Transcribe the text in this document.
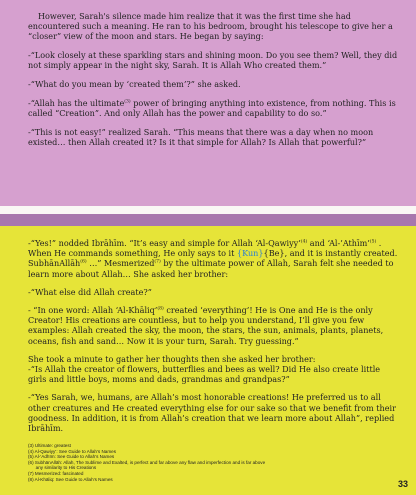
However, Sarah's silence made him realize that it was the first time she had encountered such a meaning. He ran to his bedroom, brought his telescope to give her a “closer” view of the moon and stars. He began by saying:

-“Look closely at these sparkling stars and shining moon. Do you see them? Well, they did not simply appear in the night sky, Sarah. It is Allah Who created them.”

-“What do you mean by ‘created them’?” she asked.

-“Allah has the ultimate$^{(3)}$ power of bringing anything into existence, from nothing. This is called “Creation”. And only Allah has the power and capability to do so.”

-“This is not easy!” realized Sarah. “This means that there was a day when no moon existed… then Allah created it? Is it that simple for Allah? Is Allah that powerful?”

-“Yes!” nodded Ibrāhīm. “It’s easy and simple for Allah ‘Al-Qawiyy’$^{(4)}$ and ‘Al-’Athīm’$^{(5)}$ . When He commands something, He only says to it {Kun}{Be}, and it is instantly created. SubhānAllāh$^{(6)}$ …” Mesmerized$^{(7)}$ by the ultimate power of Allah, Sarah felt she needed to learn more about Allah… She asked her brother:

-“What else did Allah create?”

- “In one word: Allah ‘Al-Khāliq’$^{(8)}$ created ‘everything’! He is One and He is the only Creator! His creations are countless, but to help you understand, I’ll give you few examples: Allah created the sky, the moon, the stars, the sun, animals, plants, planets, oceans, fish and sand… Now it is your turn, Sarah. Try guessing.”

She took a minute to gather her thoughts then she asked her brother:

-“Is Allah the creator of flowers, butterflies and bees as well? Did He also create little girls and little boys, moms and dads, grandmas and grandpas?”

-“Yes Sarah, we, humans, are Allah’s most honorable creations! He preferred us to all other creatures and He created everything else for our sake so that we benefit from their goodness. In addition, it is from Allah’s creation that we learn more about Allah”, replied Ibrāhīm.

(3) Ultimate: greatest
(4) Al-Qawiyy’: See Guide to Allah’s Names
(5) Al-’Adhīm: See Guide to Allah’s Names
(6) SubhānAllāh: Allah, The Sublime and Exalted, is perfect and far above any flaw and imperfection and is far above
any similarity to His Creations
(7) Mesmerized: fascinated
(8) Al-Khāliq: See Guide to Allah’s Names	33
